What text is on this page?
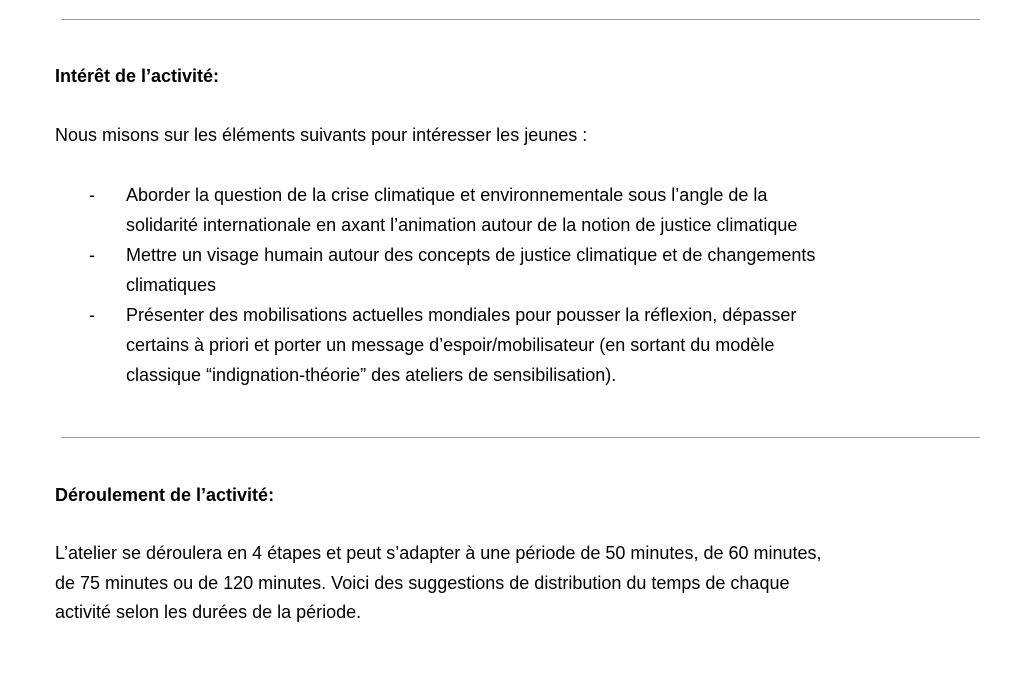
Intérêt de l’activité:
Nous misons sur les éléments suivants pour intéresser les jeunes :
- Aborder la question de la crise climatique et environnementale sous l’angle de la
solidarité internationale en axant l’animation autour de la notion de justice climatique
- Mettre un visage humain autour des concepts de justice climatique et de changements
climatiques
- Présenter des mobilisations actuelles mondiales pour pousser la réflexion, dépasser
certains à priori et porter un message d’espoir/mobilisateur (en sortant du modèle
classique “indignation-théorie” des ateliers de sensibilisation).
Déroulement de l’activité:
L’atelier se déroulera en 4 étapes et peut s’adapter à une période de 50 minutes, de 60 minutes,
de 75 minutes ou de 120 minutes. Voici des suggestions de distribution du temps de chaque
activité selon les durées de la période.
